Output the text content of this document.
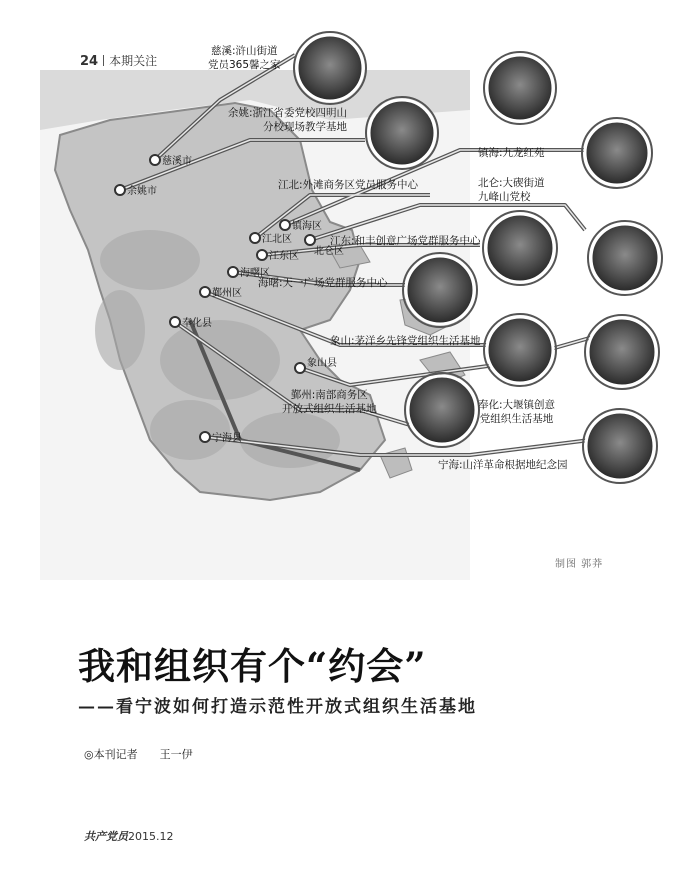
24 本期关注
慈溪市
余姚市
镇海区
江北区
北仑区
江东区
海曙区
鄞州区
奉化县
象山县
宁海县
慈溪:浒山街道
党员365馨之家
余姚:浙江省委党校四明山
分校现场教学基地
江北:外滩商务区党员服务中心
镇海:九龙红苑
北仑:大碶街道
九峰山党校
江东:和丰创意广场党群服务中心
海曙:天一广场党群服务中心
象山:茅洋乡先锋党组织生活基地
鄞州:南部商务区
开放式组织生活基地	奉化:大堰镇创意
党组织生活基地
宁海:山洋革命根据地纪念园
制图 郭莽
我和组织有个“约会”
——看宁波如何打造示范性开放式组织生活基地
◎本刊记者 王一伊
共产党员2015.12
